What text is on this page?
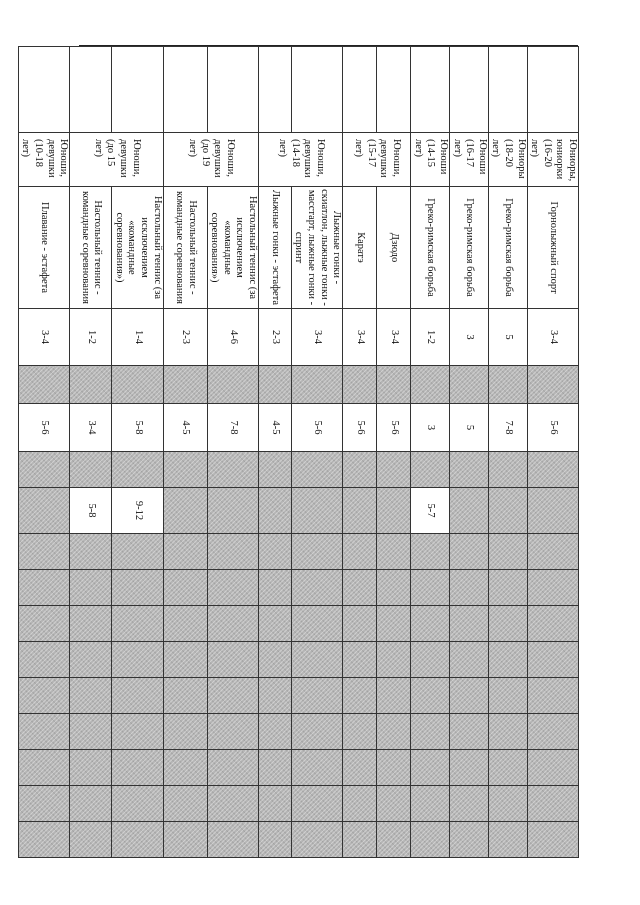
	Юниоры, юниорки (16-20 лет)	Горнолыжный спорт	3-4		5-6											
	Юниоры (18-20 лет)	Греко-римская борьба	5		7-8											
	Юноши (16-17 лет)	Греко-римская борьба	3		5											
	Юноши (14-15 лет)	Греко-римская борьба	1-2		3		5-7									
	Юноши, девушки (15-17 лет)	Дзюдо	3-4		5-6											
		Каратэ	3-4		5-6											
	Юноши, девушки (14-18 лет)	Лыжные гонки - скиатлон, лыжные гонки - масстарт, лыжные гонки - спринт	3-4		5-6											
		Лыжные гонки - эстафета	2-3		4-5											
	Юноши, девушки (до 19 лет)	Настольный теннис (за исключением «командные соревнования»)	4-6		7-8											
		Настольный теннис - командные соревнования	2-3		4-5											
	Юноши, девушки (до 15 лет)	Настольный теннис (за исключением «командные соревнования»)	1-4		5-8		9-12									
		Настольный теннис - командные соревнования	1-2		3-4		5-8									
	Юноши, девушки (10-18 лет)	Плавание - эстафета	3-4		5-6											
